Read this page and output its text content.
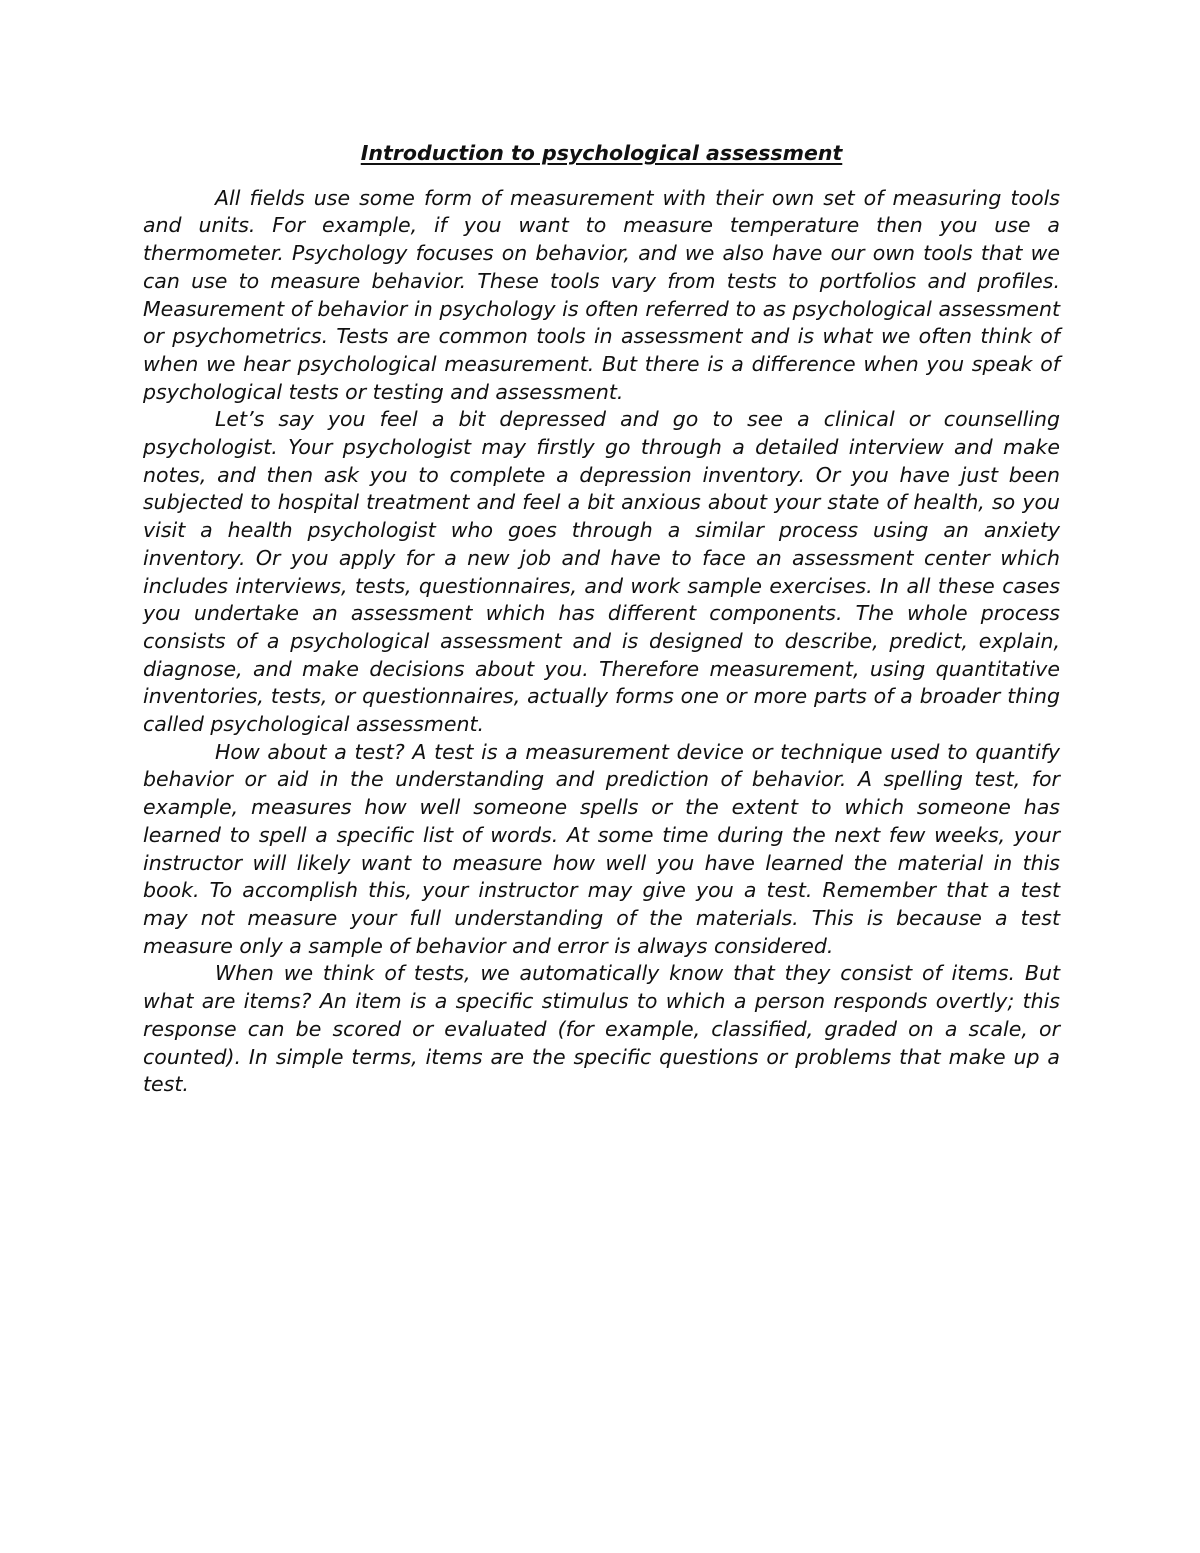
Introduction to psychological assessment

All fields use some form of measurement with their own set of measuring tools and units. For example, if you want to measure temperature then you use a thermometer. Psychology focuses on behavior, and we also have our own tools that we can use to measure behavior. These tools vary from tests to portfolios and profiles. Measurement of behavior in psychology is often referred to as psychological assessment or psychometrics. Tests are common tools in assessment and is what we often think of when we hear psychological measurement. But there is a difference when you speak of psychological tests or testing and assessment.

Let’s say you feel a bit depressed and go to see a clinical or counselling psychologist. Your psychologist may firstly go through a detailed interview and make notes, and then ask you to complete a depression inventory. Or you have just been subjected to hospital treatment and feel a bit anxious about your state of health, so you visit a health psychologist who goes through a similar process using an anxiety inventory. Or you apply for a new job and have to face an assessment center which includes interviews, tests, questionnaires, and work sample exercises. In all these cases you undertake an assessment which has different components. The whole process consists of a psychological assessment and is designed to describe, predict, explain, diagnose, and make decisions about you. Therefore measurement, using quantitative inventories, tests, or questionnaires, actually forms one or more parts of a broader thing called psychological assessment.

How about a test? A test is a measurement device or technique used to quantify behavior or aid in the understanding and prediction of behavior. A spelling test, for example, measures how well someone spells or the extent to which someone has learned to spell a specific list of words. At some time during the next few weeks, your instructor will likely want to measure how well you have learned the material in this book. To accomplish this, your instructor may give you a test. Remember that a test may not measure your full understanding of the materials. This is because a test measure only a sample of behavior and error is always considered.

When we think of tests, we automatically know that they consist of items. But what are items? An item is a specific stimulus to which a person responds overtly; this response can be scored or evaluated (for example, classified, graded on a scale, or counted). In simple terms, items are the specific questions or problems that make up a test.
